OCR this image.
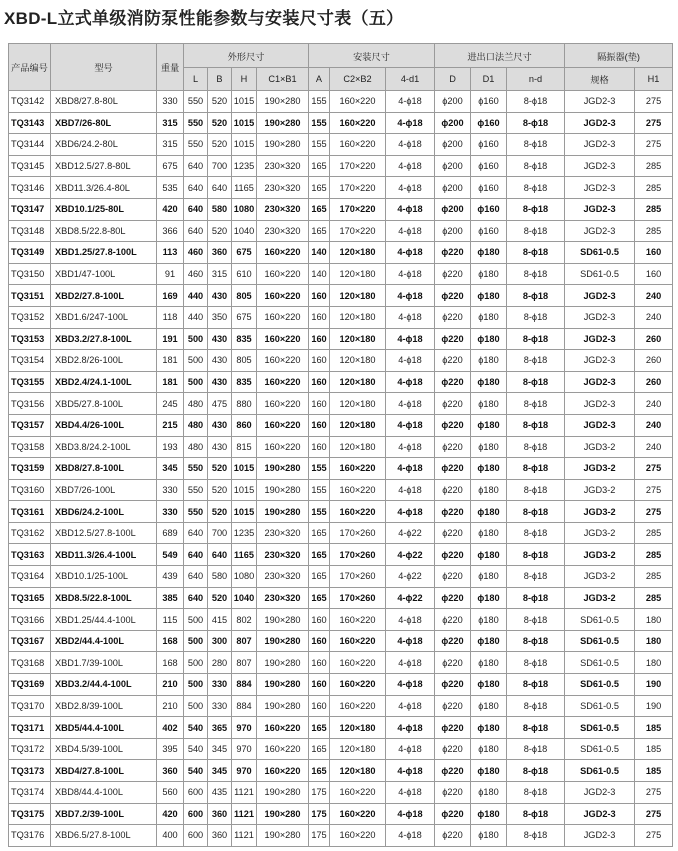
XBD-L立式单级消防泵性能参数与安装尺寸表（五）
产品编号	型号	重量	外形尺寸				安装尺寸			进出口法兰尺寸			隔振器(垫)	
			L	B	H	C1×B1	A	C2×B2	4-d1	D	D1	n-d	规格	H1
TQ3142	XBD8/27.8-80L	330	550	520	1015	190×280	155	160×220	4-ϕ18	ϕ200	ϕ160	8-ϕ18	JGD2-3	275
TQ3143	XBD7/26-80L	315	550	520	1015	190×280	155	160×220	4-ϕ18	ϕ200	ϕ160	8-ϕ18	JGD2-3	275
TQ3144	XBD6/24.2-80L	315	550	520	1015	190×280	155	160×220	4-ϕ18	ϕ200	ϕ160	8-ϕ18	JGD2-3	275
TQ3145	XBD12.5/27.8-80L	675	640	700	1235	230×320	165	170×220	4-ϕ18	ϕ200	ϕ160	8-ϕ18	JGD2-3	285
TQ3146	XBD11.3/26.4-80L	535	640	640	1165	230×320	165	170×220	4-ϕ18	ϕ200	ϕ160	8-ϕ18	JGD2-3	285
TQ3147	XBD10.1/25-80L	420	640	580	1080	230×320	165	170×220	4-ϕ18	ϕ200	ϕ160	8-ϕ18	JGD2-3	285
TQ3148	XBD8.5/22.8-80L	366	640	520	1040	230×320	165	170×220	4-ϕ18	ϕ200	ϕ160	8-ϕ18	JGD2-3	285
TQ3149	XBD1.25/27.8-100L	113	460	360	675	160×220	140	120×180	4-ϕ18	ϕ220	ϕ180	8-ϕ18	SD61-0.5	160
TQ3150	XBD1/47-100L	91	460	315	610	160×220	140	120×180	4-ϕ18	ϕ220	ϕ180	8-ϕ18	SD61-0.5	160
TQ3151	XBD2/27.8-100L	169	440	430	805	160×220	160	120×180	4-ϕ18	ϕ220	ϕ180	8-ϕ18	JGD2-3	240
TQ3152	XBD1.6/247-100L	118	440	350	675	160×220	160	120×180	4-ϕ18	ϕ220	ϕ180	8-ϕ18	JGD2-3	240
TQ3153	XBD3.2/27.8-100L	191	500	430	835	160×220	160	120×180	4-ϕ18	ϕ220	ϕ180	8-ϕ18	JGD2-3	260
TQ3154	XBD2.8/26-100L	181	500	430	805	160×220	160	120×180	4-ϕ18	ϕ220	ϕ180	8-ϕ18	JGD2-3	260
TQ3155	XBD2.4/24.1-100L	181	500	430	835	160×220	160	120×180	4-ϕ18	ϕ220	ϕ180	8-ϕ18	JGD2-3	260
TQ3156	XBD5/27.8-100L	245	480	475	880	160×220	160	120×180	4-ϕ18	ϕ220	ϕ180	8-ϕ18	JGD2-3	240
TQ3157	XBD4.4/26-100L	215	480	430	860	160×220	160	120×180	4-ϕ18	ϕ220	ϕ180	8-ϕ18	JGD2-3	240
TQ3158	XBD3.8/24.2-100L	193	480	430	815	160×220	160	120×180	4-ϕ18	ϕ220	ϕ180	8-ϕ18	JGD3-2	240
TQ3159	XBD8/27.8-100L	345	550	520	1015	190×280	155	160×220	4-ϕ18	ϕ220	ϕ180	8-ϕ18	JGD3-2	275
TQ3160	XBD7/26-100L	330	550	520	1015	190×280	155	160×220	4-ϕ18	ϕ220	ϕ180	8-ϕ18	JGD3-2	275
TQ3161	XBD6/24.2-100L	330	550	520	1015	190×280	155	160×220	4-ϕ18	ϕ220	ϕ180	8-ϕ18	JGD3-2	275
TQ3162	XBD12.5/27.8-100L	689	640	700	1235	230×320	165	170×260	4-ϕ22	ϕ220	ϕ180	8-ϕ18	JGD3-2	285
TQ3163	XBD11.3/26.4-100L	549	640	640	1165	230×320	165	170×260	4-ϕ22	ϕ220	ϕ180	8-ϕ18	JGD3-2	285
TQ3164	XBD10.1/25-100L	439	640	580	1080	230×320	165	170×260	4-ϕ22	ϕ220	ϕ180	8-ϕ18	JGD3-2	285
TQ3165	XBD8.5/22.8-100L	385	640	520	1040	230×320	165	170×260	4-ϕ22	ϕ220	ϕ180	8-ϕ18	JGD3-2	285
TQ3166	XBD1.25/44.4-100L	115	500	415	802	190×280	160	160×220	4-ϕ18	ϕ220	ϕ180	8-ϕ18	SD61-0.5	180
TQ3167	XBD2/44.4-100L	168	500	300	807	190×280	160	160×220	4-ϕ18	ϕ220	ϕ180	8-ϕ18	SD61-0.5	180
TQ3168	XBD1.7/39-100L	168	500	280	807	190×280	160	160×220	4-ϕ18	ϕ220	ϕ180	8-ϕ18	SD61-0.5	180
TQ3169	XBD3.2/44.4-100L	210	500	330	884	190×280	160	160×220	4-ϕ18	ϕ220	ϕ180	8-ϕ18	SD61-0.5	190
TQ3170	XBD2.8/39-100L	210	500	330	884	190×280	160	160×220	4-ϕ18	ϕ220	ϕ180	8-ϕ18	SD61-0.5	190
TQ3171	XBD5/44.4-100L	402	540	365	970	160×220	165	120×180	4-ϕ18	ϕ220	ϕ180	8-ϕ18	SD61-0.5	185
TQ3172	XBD4.5/39-100L	395	540	345	970	160×220	165	120×180	4-ϕ18	ϕ220	ϕ180	8-ϕ18	SD61-0.5	185
TQ3173	XBD4/27.8-100L	360	540	345	970	160×220	165	120×180	4-ϕ18	ϕ220	ϕ180	8-ϕ18	SD61-0.5	185
TQ3174	XBD8/44.4-100L	560	600	435	1121	190×280	175	160×220	4-ϕ18	ϕ220	ϕ180	8-ϕ18	JGD2-3	275
TQ3175	XBD7.2/39-100L	420	600	360	1121	190×280	175	160×220	4-ϕ18	ϕ220	ϕ180	8-ϕ18	JGD2-3	275
TQ3176	XBD6.5/27.8-100L	400	600	360	1121	190×280	175	160×220	4-ϕ18	ϕ220	ϕ180	8-ϕ18	JGD2-3	275
